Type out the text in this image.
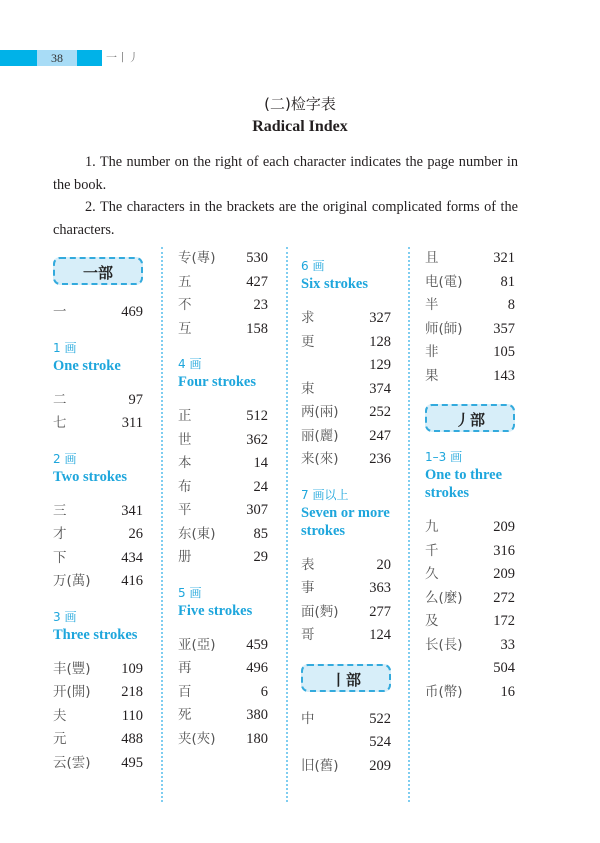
38	一丨丿
(二)检字表
Radical Index

1. The number on the right of each character indicates the page number in the book.

2. The characters in the brackets are the original complicated forms of the characters.

一部
一	469
1 画
One stroke
二	97
七	311
2 画
Two strokes
三	341
才	26
下	434
万(萬) 416
3 画
Three strokes
丰(豐) 109
开(開) 218
夫	110
元	488
云(雲) 495
专(專) 530
五	427
不	23
互	158
4 画
Four strokes
正	512
世	362
本	14
布	24
平	307
东(東)	85
册	29
5 画
Five strokes
亚(亞) 459
再	496
百	6
死	380
夹(夾) 180
6 画
Six strokes
求	327
更	128
129
束	374
两(兩) 252
丽(麗) 247
来(來) 236
7 画以上
Seven or more strokes
表	20
事	363
面(麪) 277
哥	124
丨部
中	522
524
旧(舊) 209
且	321
电(電)	81
半	8
师(師) 357
非	105
果	143
丿部
1–3 画
One to three strokes
九	209
千	316
久	209
么(麼) 272
及	172
长(長)	33
504
币(幣)	16
